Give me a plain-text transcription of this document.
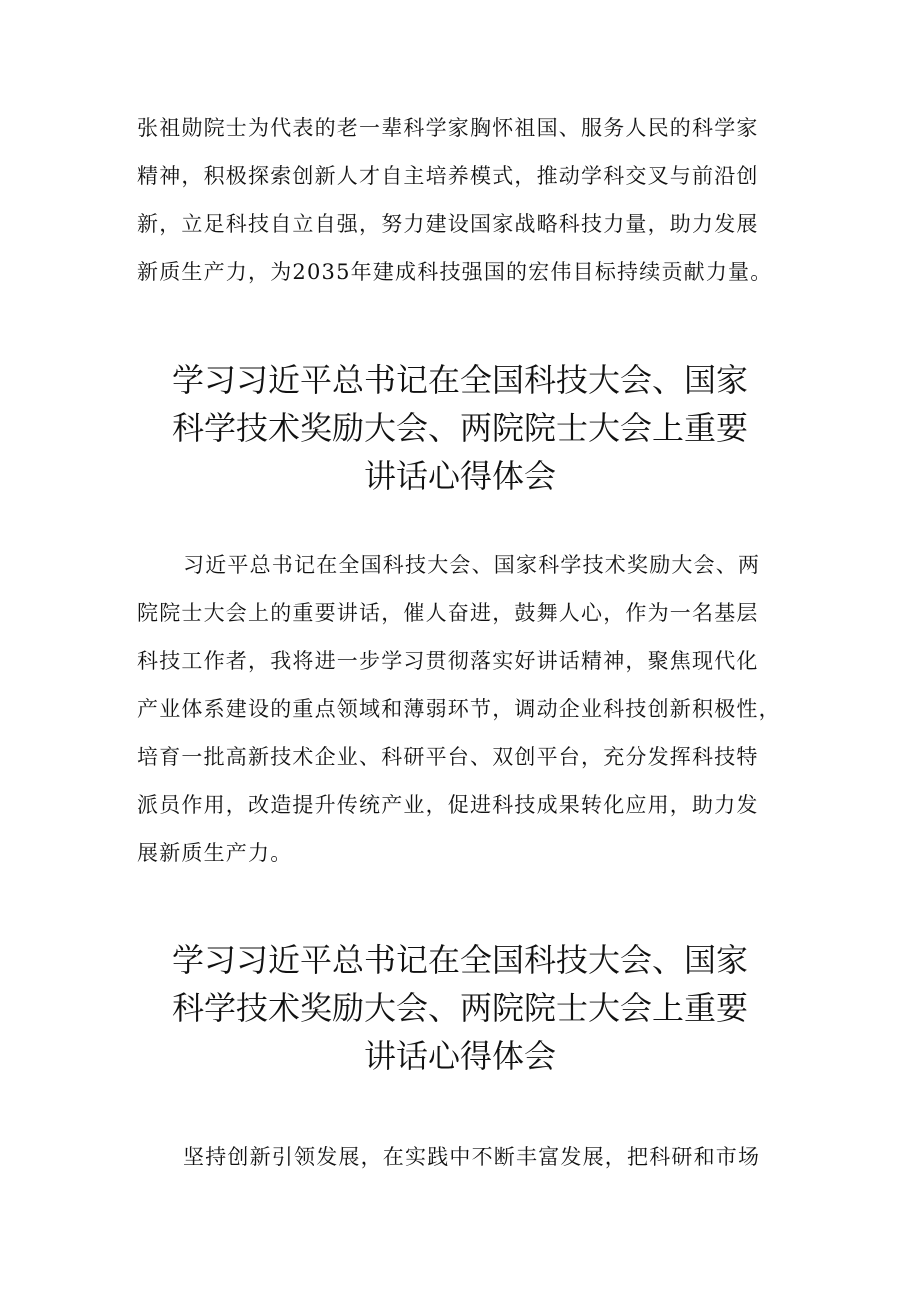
张祖勋院士为代表的老一辈科学家胸怀祖国、服务人民的科学家
精神，积极探索创新人才自主培养模式，推动学科交叉与前沿创
新，立足科技自立自强，努力建设国家战略科技力量，助力发展
新质生产力，为2035年建成科技强国的宏伟目标持续贡献力量。
学习习近平总书记在全国科技大会、国家
科学技术奖励大会、两院院士大会上重要
讲话心得体会
习近平总书记在全国科技大会、国家科学技术奖励大会、两
院院士大会上的重要讲话，催人奋进，鼓舞人心，作为一名基层
科技工作者，我将进一步学习贯彻落实好讲话精神，聚焦现代化
产业体系建设的重点领域和薄弱环节，调动企业科技创新积极性，
培育一批高新技术企业、科研平台、双创平台，充分发挥科技特
派员作用，改造提升传统产业，促进科技成果转化应用，助力发
展新质生产力。
学习习近平总书记在全国科技大会、国家
科学技术奖励大会、两院院士大会上重要
讲话心得体会
坚持创新引领发展，在实践中不断丰富发展，把科研和市场
